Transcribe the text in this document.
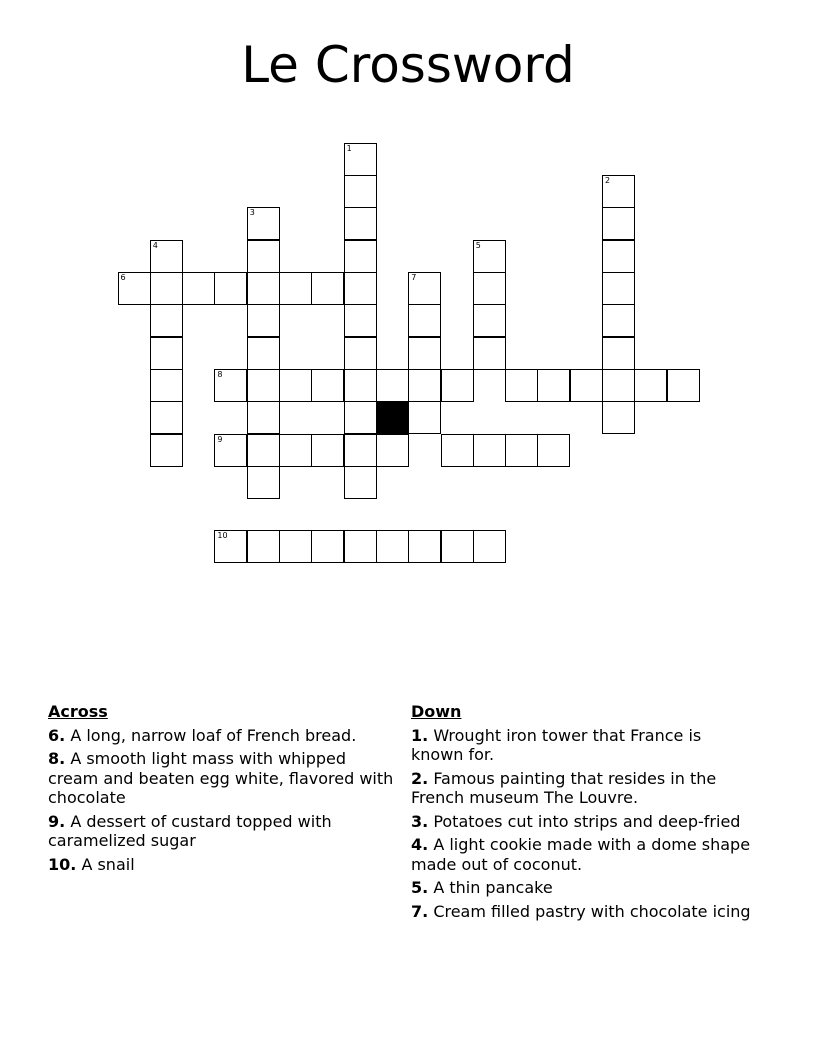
Le Crossword
1
2
3
4	5
6	7
8
9
10
Across
6. A long, narrow loaf of French bread.
8. A smooth light mass with whipped cream and beaten egg white, flavored with chocolate
9. A dessert of custard topped with caramelized sugar
10. A snail
Down
1. Wrought iron tower that France is known for.
2. Famous painting that resides in the French museum The Louvre.
3. Potatoes cut into strips and deep-fried
4. A light cookie made with a dome shape made out of coconut.
5. A thin pancake
7. Cream filled pastry with chocolate icing
